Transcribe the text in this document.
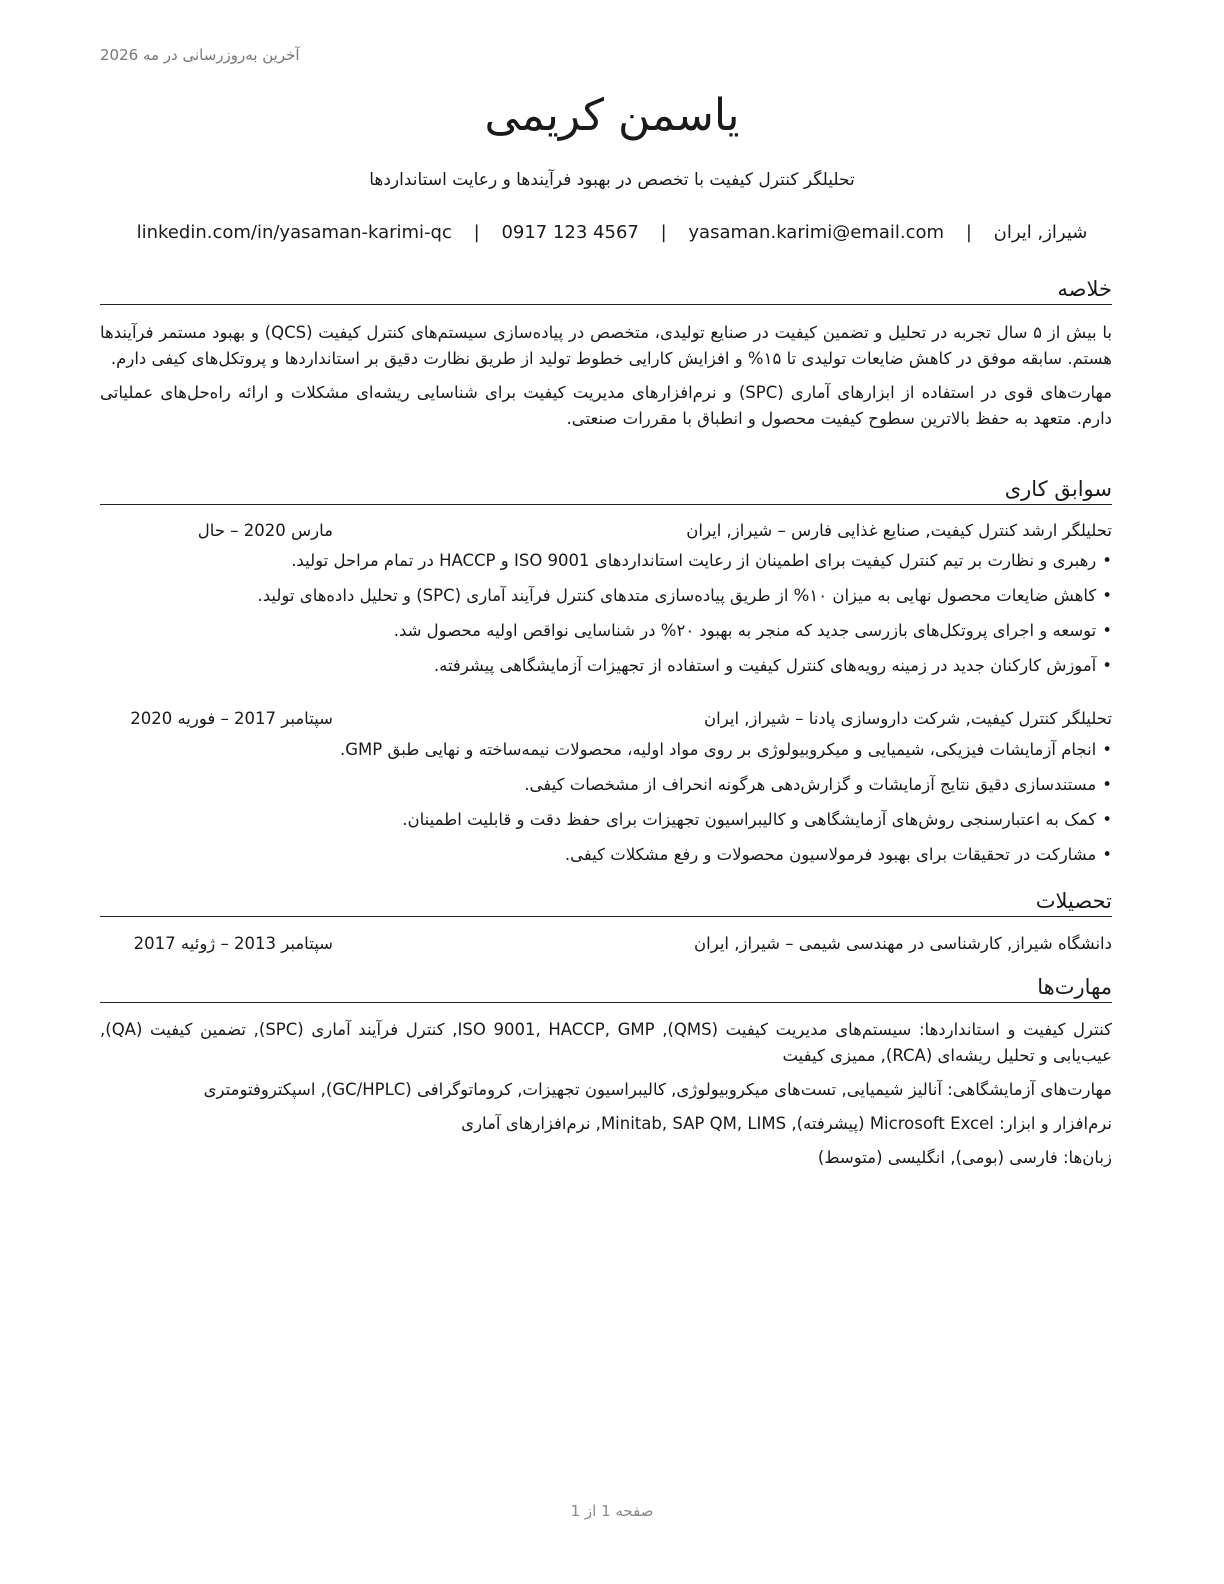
آخرین به‌روزرسانی در مه 2026
یاسمن کریمی
تحلیلگر کنترل کیفیت با تخصص در بهبود فرآیندها و رعایت استانداردها
شیراز, ایران | yasaman.karimi@email.com | 0917 123 4567 | linkedin.com/in/yasaman-karimi-qc
خلاصه

با بیش از ۵ سال تجربه در تحلیل و تضمین کیفیت در صنایع تولیدی، متخصص در پیاده‌سازی سیستم‌های کنترل کیفیت (QCS) و بهبود مستمر فرآیندها هستم. سابقه موفق در کاهش ضایعات تولیدی تا ۱۵% و افزایش کارایی خطوط تولید از طریق نظارت دقیق بر استانداردها و پروتکل‌های کیفی دارم.

مهارت‌های قوی در استفاده از ابزارهای آماری (SPC) و نرم‌افزارهای مدیریت کیفیت برای شناسایی ریشه‌ای مشکلات و ارائه راه‌حل‌های عملیاتی دارم. متعهد به حفظ بالاترین سطوح کیفیت محصول و انطباق با مقررات صنعتی.

سوابق کاری
تحلیلگر ارشد کنترل کیفیت, صنایع غذایی فارس – شیراز, ایران
مارس 2020 – حال
• رهبری و نظارت بر تیم کنترل کیفیت برای اطمینان از رعایت استانداردهای ISO 9001 و HACCP در تمام مراحل تولید.
• کاهش ضایعات محصول نهایی به میزان ۱۰% از طریق پیاده‌سازی متدهای کنترل فرآیند آماری (SPC) و تحلیل داده‌های تولید.
• توسعه و اجرای پروتکل‌های بازرسی جدید که منجر به بهبود ۲۰% در شناسایی نواقص اولیه محصول شد.
• آموزش کارکنان جدید در زمینه رویه‌های کنترل کیفیت و استفاده از تجهیزات آزمایشگاهی پیشرفته.
تحلیلگر کنترل کیفیت, شرکت داروسازی پادنا – شیراز, ایران
سپتامبر 2017 – فوریه 2020
• انجام آزمایشات فیزیکی، شیمیایی و میکروبیولوژی بر روی مواد اولیه، محصولات نیمه‌ساخته و نهایی طبق GMP.
• مستندسازی دقیق نتایج آزمایشات و گزارش‌دهی هرگونه انحراف از مشخصات کیفی.
• کمک به اعتبارسنجی روش‌های آزمایشگاهی و کالیبراسیون تجهیزات برای حفظ دقت و قابلیت اطمینان.
• مشارکت در تحقیقات برای بهبود فرمولاسیون محصولات و رفع مشکلات کیفی.
تحصیلات
دانشگاه شیراز, کارشناسی در مهندسی شیمی – شیراز, ایران
سپتامبر 2013 – ژوئیه 2017
مهارت‌ها

کنترل کیفیت و استانداردها: سیستم‌های مدیریت کیفیت (QMS), ISO 9001, HACCP, GMP, کنترل فرآیند آماری (SPC), تضمین کیفیت (QA), عیب‌یابی و تحلیل ریشه‌ای (RCA), ممیزی کیفیت

مهارت‌های آزمایشگاهی: آنالیز شیمیایی, تست‌های میکروبیولوژی, کالیبراسیون تجهیزات, کروماتوگرافی (GC/HPLC), اسپکتروفتومتری

نرم‌افزار و ابزار: Microsoft Excel (پیشرفته), Minitab, SAP QM, LIMS, نرم‌افزارهای آماری

زبان‌ها: فارسی (بومی), انگلیسی (متوسط)

صفحه 1 از 1
